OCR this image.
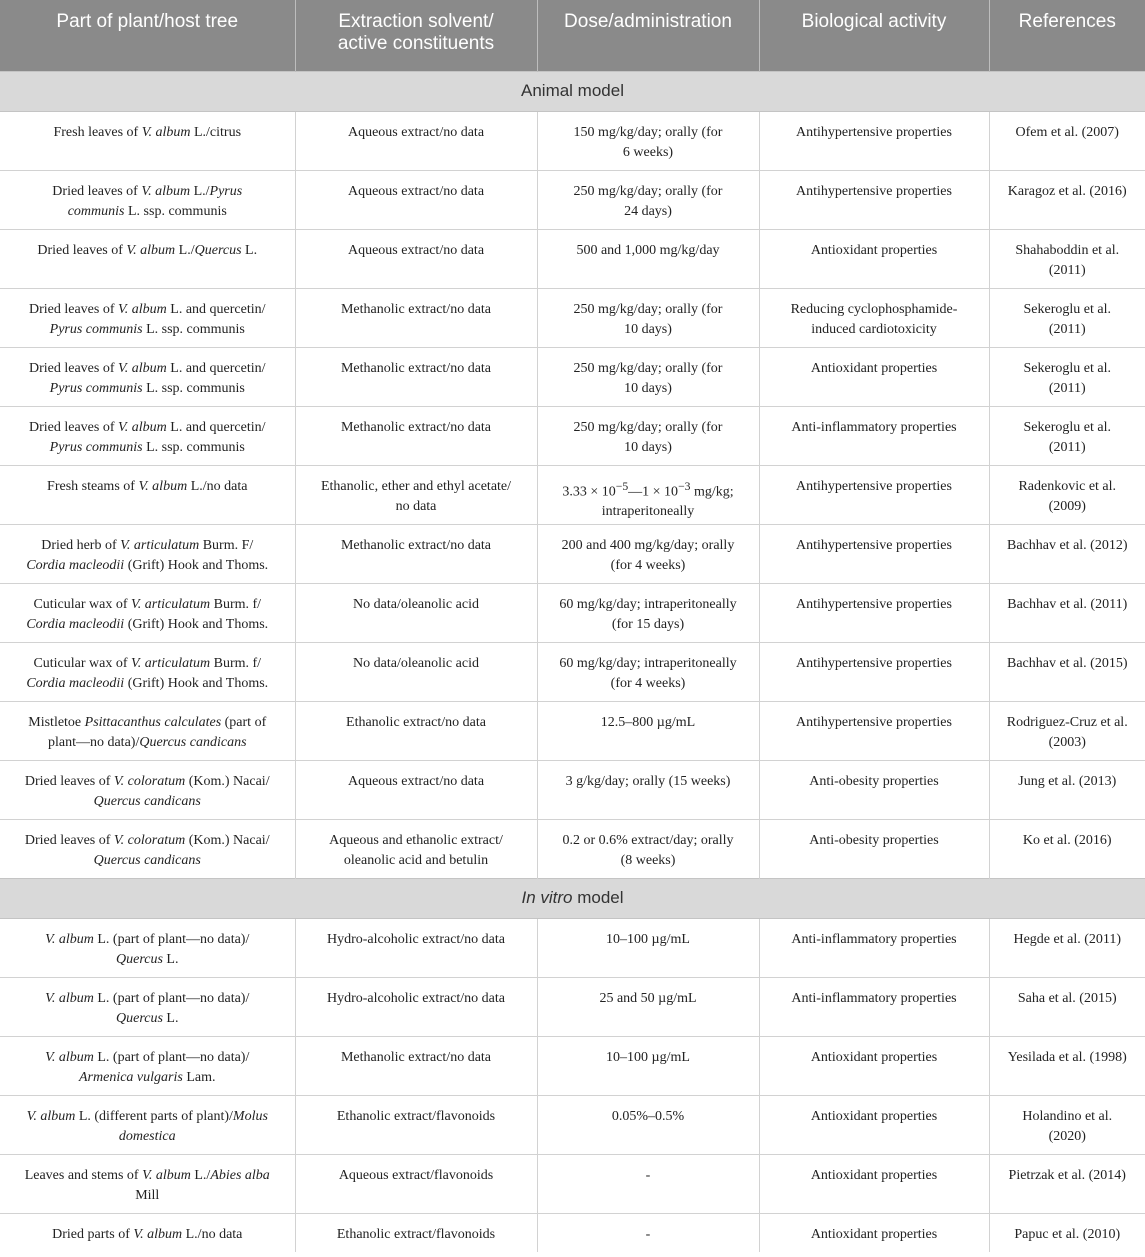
Part of plant/host tree	Extraction solvent/
active constituents	Dose/administration	Biological activity	References
Animal model				
Fresh leaves of V. album L./citrus	Aqueous extract/no data	150 mg/kg/day; orally (for
6 weeks)	Antihypertensive properties	Ofem et al. (2007)
Dried leaves of V. album L./Pyrus
communis L. ssp. communis	Aqueous extract/no data	250 mg/kg/day; orally (for
24 days)	Antihypertensive properties	Karagoz et al. (2016)
Dried leaves of V. album L./Quercus L.	Aqueous extract/no data	500 and 1,000 mg/kg/day	Antioxidant properties	Shahaboddin et al.
(2011)
Dried leaves of V. album L. and quercetin/
Pyrus communis L. ssp. communis	Methanolic extract/no data	250 mg/kg/day; orally (for
10 days)	Reducing cyclophosphamide-
induced cardiotoxicity	Sekeroglu et al.
(2011)
Dried leaves of V. album L. and quercetin/
Pyrus communis L. ssp. communis	Methanolic extract/no data	250 mg/kg/day; orally (for
10 days)	Antioxidant properties	Sekeroglu et al.
(2011)
Dried leaves of V. album L. and quercetin/
Pyrus communis L. ssp. communis	Methanolic extract/no data	250 mg/kg/day; orally (for
10 days)	Anti-inflammatory properties	Sekeroglu et al.
(2011)
Fresh steams of V. album L./no data	Ethanolic, ether and ethyl acetate/
no data	$3.33 \times 10^{-5}—1 \times 10^{-3}$ mg/kg;
intraperitoneally	Antihypertensive properties	Radenkovic et al.
(2009)
Dried herb of V. articulatum Burm. F/
Cordia macleodii (Grift) Hook and Thoms.	Methanolic extract/no data	200 and 400 mg/kg/day; orally
(for 4 weeks)	Antihypertensive properties	Bachhav et al. (2012)
Cuticular wax of V. articulatum Burm. f/
Cordia macleodii (Grift) Hook and Thoms.	No data/oleanolic acid	60 mg/kg/day; intraperitoneally
(for 15 days)	Antihypertensive properties	Bachhav et al. (2011)
Cuticular wax of V. articulatum Burm. f/
Cordia macleodii (Grift) Hook and Thoms.	No data/oleanolic acid	60 mg/kg/day; intraperitoneally
(for 4 weeks)	Antihypertensive properties	Bachhav et al. (2015)
Mistletoe Psittacanthus calculates (part of
plant—no data)/Quercus candicans	Ethanolic extract/no data	12.5–800 µg/mL	Antihypertensive properties	Rodriguez-Cruz et al.
(2003)
Dried leaves of V. coloratum (Kom.) Nacai/
Quercus candicans	Aqueous extract/no data	3 g/kg/day; orally (15 weeks)	Anti-obesity properties	Jung et al. (2013)
Dried leaves of V. coloratum (Kom.) Nacai/
Quercus candicans	Aqueous and ethanolic extract/
oleanolic acid and betulin	0.2 or 0.6% extract/day; orally
(8 weeks)	Anti-obesity properties	Ko et al. (2016)
In vitro model				
V. album L. (part of plant—no data)/
Quercus L.	Hydro-alcoholic extract/no data	10–100 µg/mL	Anti-inflammatory properties	Hegde et al. (2011)
V. album L. (part of plant—no data)/
Quercus L.	Hydro-alcoholic extract/no data	25 and 50 µg/mL	Anti-inflammatory properties	Saha et al. (2015)
V. album L. (part of plant—no data)/
Armenica vulgaris Lam.	Methanolic extract/no data	10–100 µg/mL	Antioxidant properties	Yesilada et al. (1998)
V. album L. (different parts of plant)/Molus
domestica	Ethanolic extract/flavonoids	0.05%–0.5%	Antioxidant properties	Holandino et al.
(2020)
Leaves and stems of V. album L./Abies alba
Mill	Aqueous extract/flavonoids	-	Antioxidant properties	Pietrzak et al. (2014)
Dried parts of V. album L./no data	Ethanolic extract/flavonoids	-	Antioxidant properties	Papuc et al. (2010)
